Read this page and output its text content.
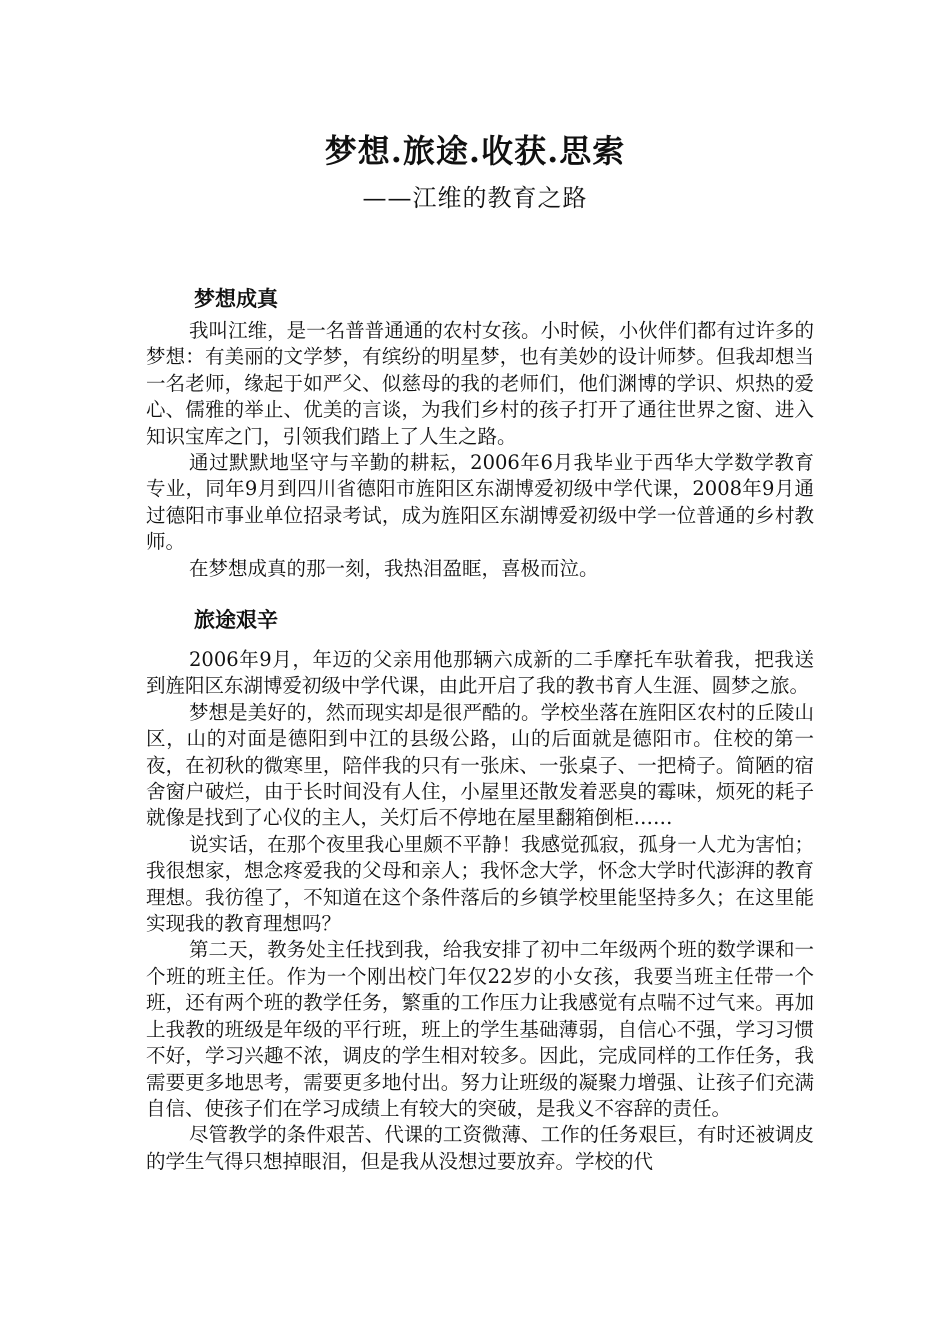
梦想.旅途.收获.思索
——江维的教育之路
梦想成真

我叫江维，是一名普普通通的农村女孩。小时候，小伙伴们都有过许多的梦想：有美丽的文学梦，有缤纷的明星梦，也有美妙的设计师梦。但我却想当一名老师，缘起于如严父、似慈母的我的老师们，他们渊博的学识、炽热的爱心、儒雅的举止、优美的言谈，为我们乡村的孩子打开了通往世界之窗、进入知识宝库之门，引领我们踏上了人生之路。

通过默默地坚守与辛勤的耕耘，2006年6月我毕业于西华大学数学教育专业，同年9月到四川省德阳市旌阳区东湖博爱初级中学代课，2008年9月通过德阳市事业单位招录考试，成为旌阳区东湖博爱初级中学一位普通的乡村教师。

在梦想成真的那一刻，我热泪盈眶，喜极而泣。

旅途艰辛

2006年9月，年迈的父亲用他那辆六成新的二手摩托车驮着我，把我送到旌阳区东湖博爱初级中学代课，由此开启了我的教书育人生涯、圆梦之旅。

梦想是美好的，然而现实却是很严酷的。学校坐落在旌阳区农村的丘陵山区，山的对面是德阳到中江的县级公路，山的后面就是德阳市。住校的第一夜，在初秋的微寒里，陪伴我的只有一张床、一张桌子、一把椅子。简陋的宿舍窗户破烂，由于长时间没有人住，小屋里还散发着恶臭的霉味，烦死的耗子就像是找到了心仪的主人，关灯后不停地在屋里翻箱倒柜……

说实话，在那个夜里我心里颇不平静！我感觉孤寂，孤身一人尤为害怕；我很想家，想念疼爱我的父母和亲人；我怀念大学，怀念大学时代澎湃的教育理想。我彷徨了，不知道在这个条件落后的乡镇学校里能坚持多久；在这里能实现我的教育理想吗？

第二天，教务处主任找到我，给我安排了初中二年级两个班的数学课和一个班的班主任。作为一个刚出校门年仅22岁的小女孩，我要当班主任带一个班，还有两个班的教学任务，繁重的工作压力让我感觉有点喘不过气来。再加上我教的班级是年级的平行班，班上的学生基础薄弱，自信心不强，学习习惯不好，学习兴趣不浓，调皮的学生相对较多。因此，完成同样的工作任务，我需要更多地思考，需要更多地付出。努力让班级的凝聚力增强、让孩子们充满自信、使孩子们在学习成绩上有较大的突破，是我义不容辞的责任。

尽管教学的条件艰苦、代课的工资微薄、工作的任务艰巨，有时还被调皮的学生气得只想掉眼泪，但是我从没想过要放弃。学校的代
